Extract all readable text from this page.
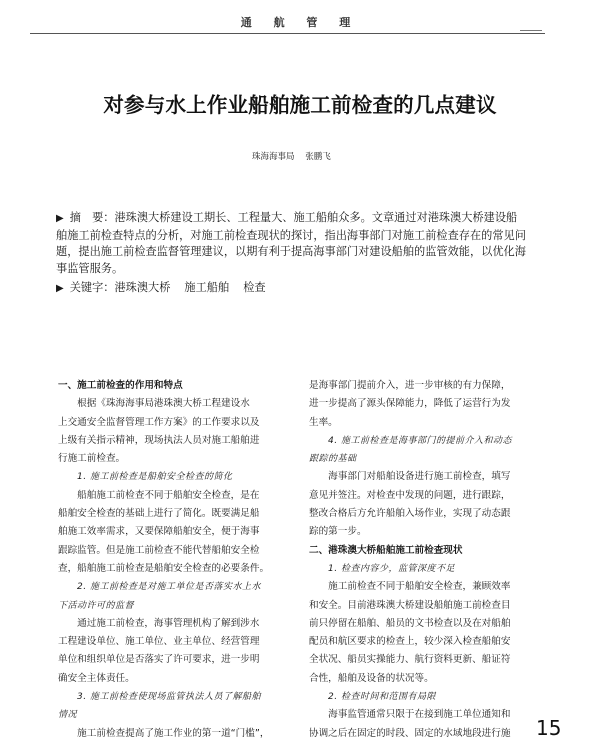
通 航 管 理
对参与水上作业船舶施工前检查的几点建议
珠海海事局 张鹏飞
▶ 摘　要：港珠澳大桥建设工期长、工程量大、施工船舶众多。文章通过对港珠澳大桥建设船
舶施工前检查特点的分析，对施工前检查现状的探讨，指出海事部门对施工前检查存在的常见问
题，提出施工前检查监督管理建议，以期有利于提高海事部门对建设船舶的监管效能，以优化海
事监管服务。
▶ 关键字：港珠澳大桥 施工船舶 检查
一、施工前检查的作用和特点
　　根据《珠海海事局港珠澳大桥工程建设水
上交通安全监督管理工作方案》的工作要求以及
上级有关指示精神，现场执法人员对施工船舶进
行施工前检查。
　　1. 施工前检查是船舶安全检查的简化
　　船舶施工前检查不同于船舶安全检查，是在
船舶安全检查的基础上进行了简化。既要满足船
舶施工效率需求，又要保障船舶安全，便于海事
跟踪监管。但是施工前检查不能代替船舶安全检
查，船舶施工前检查是船舶安全检查的必要条件。
　　2. 施工前检查是对施工单位是否落实水上水
下活动许可的监督
　　通过施工前检查，海事管理机构了解到涉水
工程建设单位、施工单位、业主单位、经营管理
单位和组织单位是否落实了许可要求，进一步明
确安全主体责任。
　　3. 施工前检查使现场监管执法人员了解船舶
情况
　　施工前检查提高了施工作业的第一道“门槛”，
是海事部门提前介入，进一步审核的有力保障，
进一步提高了源头保障能力，降低了运营行为发
生率。
　　4. 施工前检查是海事部门的提前介入和动态
跟踪的基础
　　海事部门对船舶设备进行施工前检查，填写
意见并签注。对检查中发现的问题，进行跟踪，
整改合格后方允许船舶入场作业，实现了动态跟
踪的第一步。
二、港珠澳大桥船舶施工前检查现状
　　1. 检查内容少，监管深度不足
　　施工前检查不同于船舶安全检查，兼顾效率
和安全。目前港珠澳大桥建设船舶施工前检查目
前只停留在船舶、船员的文书检查以及在对船舶
配员和航区要求的检查上，较少深入检查船舶安
全状况、船员实操能力、航行资料更新、船证符
合性，船舶及设备的状况等。
　　2. 检查时间和范围有局限
　　海事监管通常只限于在接到施工单位通知和
协调之后在固定的时段、固定的水域地段进行施	15
